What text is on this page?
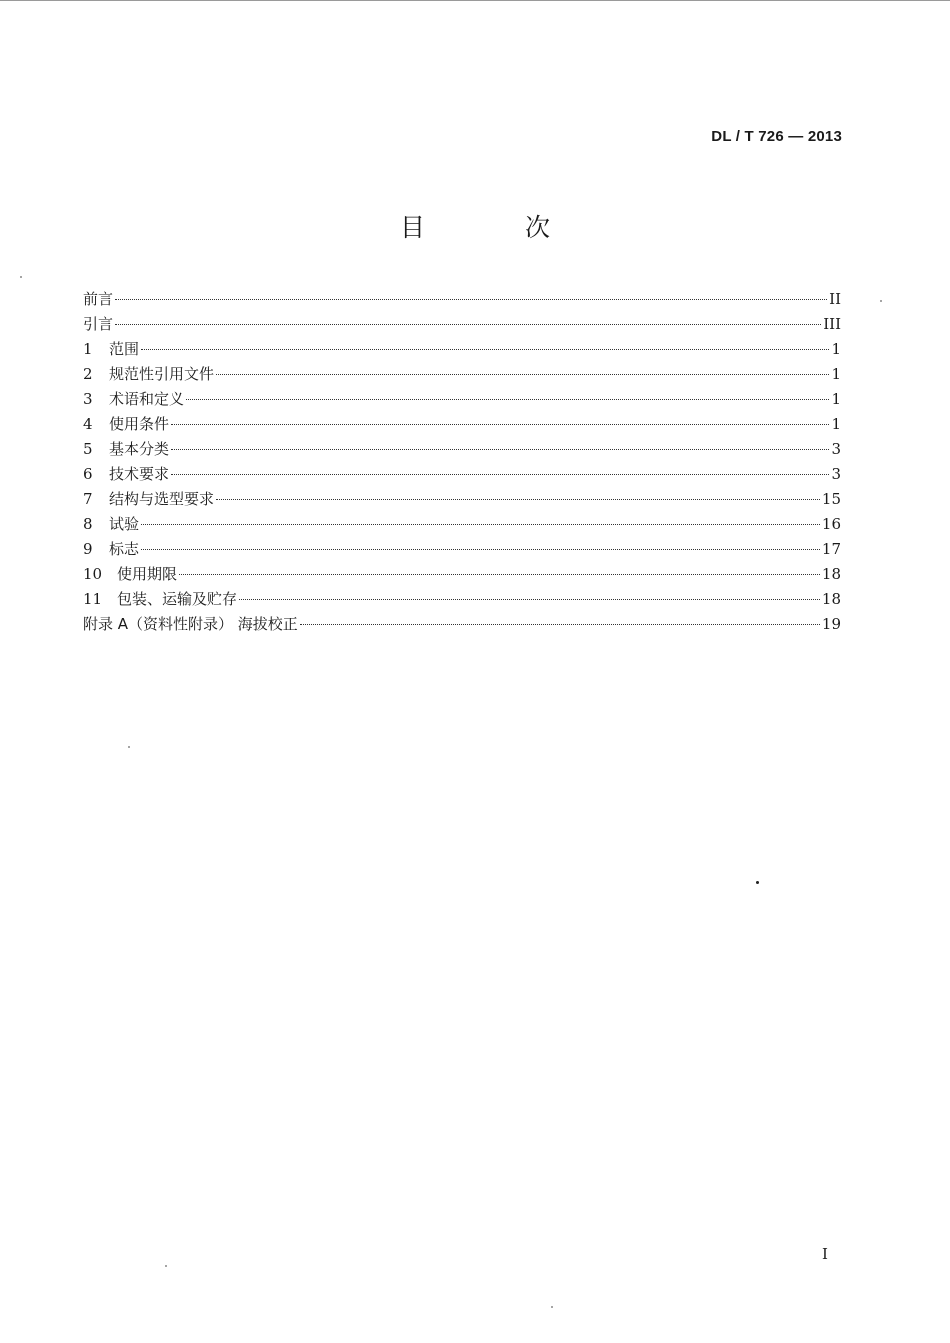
DL / T 726 — 2013
目 次
前言	II
引言	III
1	范围	1
2	规范性引用文件	1
3	术语和定义	1
4	使用条件	1
5	基本分类	3
6	技术要求	3
7	结构与选型要求	15
8	试验	16
9	标志	17
10 使用期限	18
11 包装、运输及贮存	18
附录 A（资料性附录） 海拔校正	19
I
